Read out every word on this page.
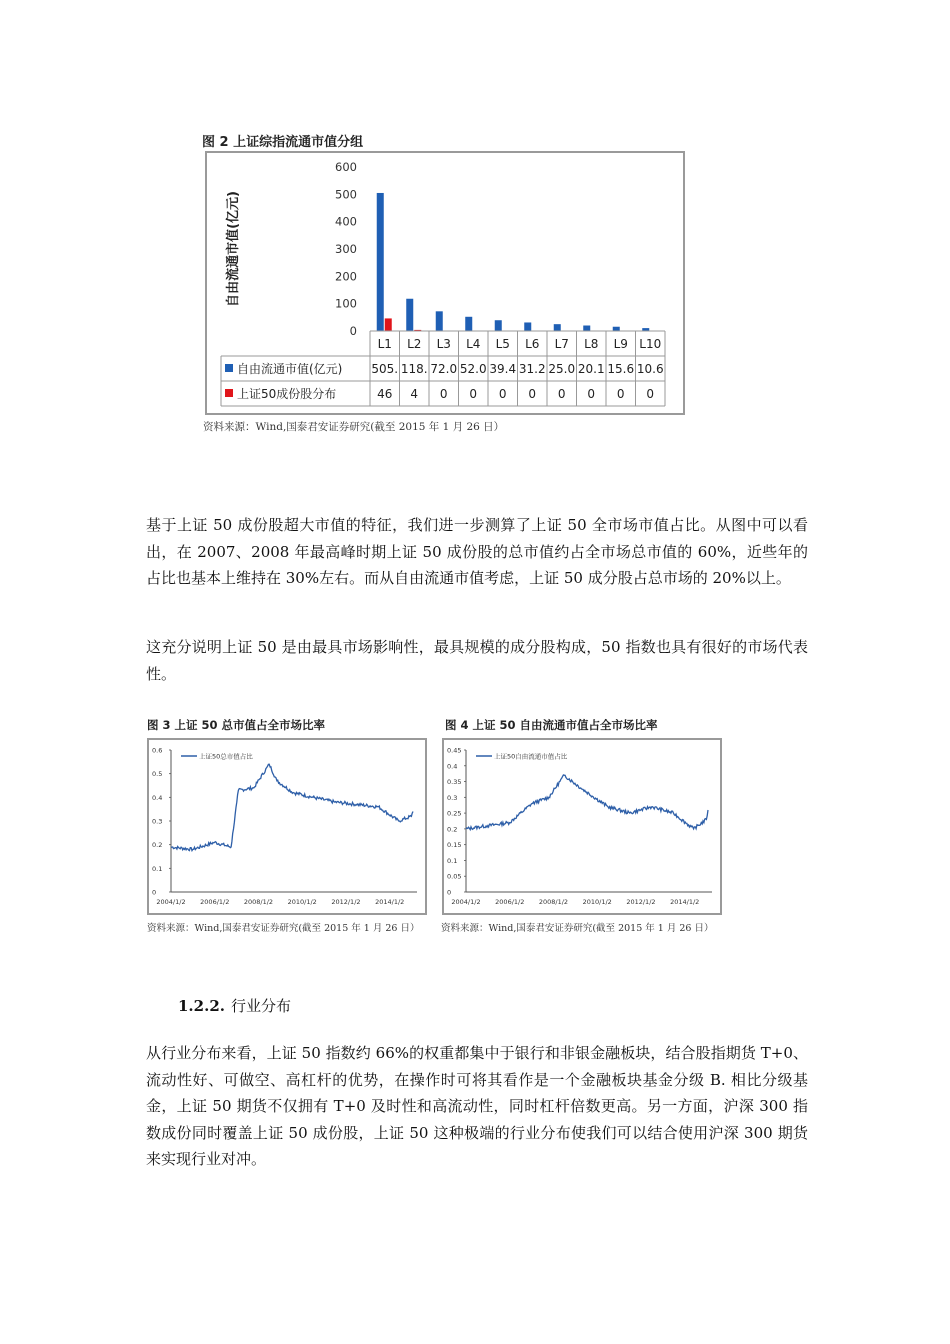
图 2 上证综指流通市值分组
自由流通市值(亿元)
0
100
200
300
400
500
600
L1 L2 L3 L4 L5 L6 L7 L8 L9 L10
自由流通市值(亿元) 505. 118. 72.0 52.0 39.4 31.2 25.0 20.1 15.6 10.6
上证50成份股分布	46 4 0 0 0 0 0 0 0 0
资料来源：Wind,国泰君安证券研究(截至 2015 年 1 月 26 日）

基于上证 50 成份股超大市值的特征，我们进一步测算了上证 50 全市场市值占比。从图中可以看出，在 2007、2008 年最高峰时期上证 50 成份股的总市值约占全市场总市值的 60%，近些年的占比也基本上维持在 30%左右。而从自由流通市值考虑，上证 50 成分股占总市场的 20%以上。

这充分说明上证 50 是由最具市场影响性，最具规模的成分股构成，50 指数也具有很好的市场代表性。

图 3 上证 50 总市值占全市场比率
0
0.1
0.2
0.3
0.4
0.5
0.6
2004/1/2 2006/1/2 2008/1/2 2010/1/2 2012/1/2 2014/1/2
上证50总市值占比
资料来源：Wind,国泰君安证券研究(截至 2015 年 1 月 26 日）
图 4 上证 50 自由流通市值占全市场比率
0
0.05
0.1
0.15
0.2
0.25
0.3
0.35
0.4
0.45
2004/1/2 2006/1/2 2008/1/2 2010/1/2 2012/1/2 2014/1/2
上证50自由流通市值占比
资料来源：Wind,国泰君安证券研究(截至 2015 年 1 月 26 日）
1.2.2. 行业分布

从行业分布来看，上证 50 指数约 66%的权重都集中于银行和非银金融板块，结合股指期货 T+0、流动性好、可做空、高杠杆的优势，在操作时可将其看作是一个金融板块基金分级 B. 相比分级基金，上证 50 期货不仅拥有 T+0 及时性和高流动性，同时杠杆倍数更高。另一方面，沪深 300 指数成份同时覆盖上证 50 成份股，上证 50 这种极端的行业分布使我们可以结合使用沪深 300 期货来实现行业对冲。
